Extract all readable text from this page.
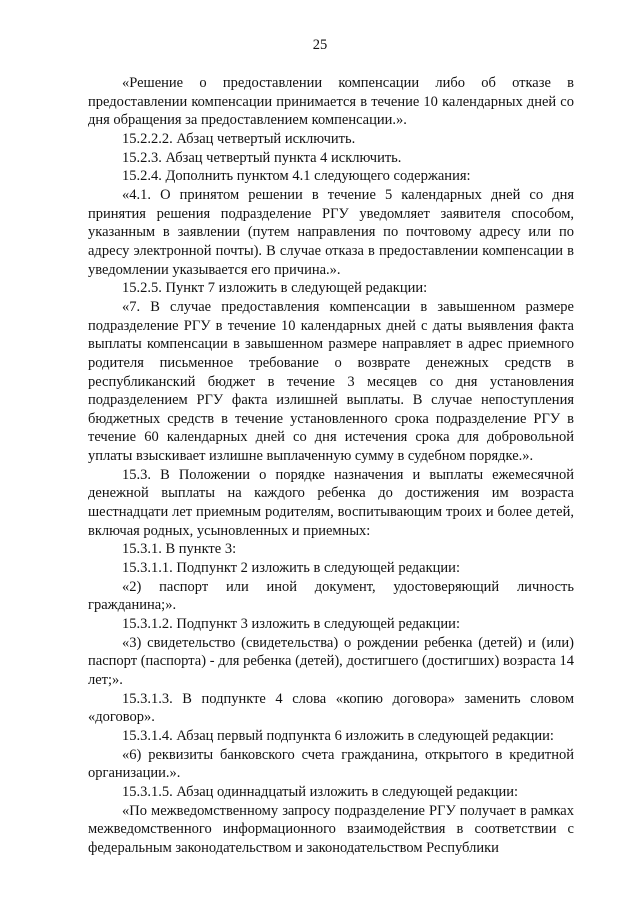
25

«Решение о предоставлении компенсации либо об отказе в предоставлении компенсации принимается в течение 10 календарных дней со дня обращения за предоставлением компенсации.».

15.2.2.2. Абзац четвертый исключить.

15.2.3. Абзац четвертый пункта 4 исключить.

15.2.4. Дополнить пунктом 4.1 следующего содержания:

«4.1. О принятом решении в течение 5 календарных дней со дня принятия решения подразделение РГУ уведомляет заявителя способом, указанным в заявлении (путем направления по почтовому адресу или по адресу электронной почты). В случае отказа в предоставлении компенсации в уведомлении указывается его причина.».

15.2.5. Пункт 7 изложить в следующей редакции:

«7. В случае предоставления компенсации в завышенном размере подразделение РГУ в течение 10 календарных дней с даты выявления факта выплаты компенсации в завышенном размере направляет в адрес приемного родителя письменное требование о возврате денежных средств в республиканский бюджет в течение 3 месяцев со дня установления подразделением РГУ факта излишней выплаты. В случае непоступления бюджетных средств в течение установленного срока подразделение РГУ в течение 60 календарных дней со дня истечения срока для добровольной уплаты взыскивает излишне выплаченную сумму в судебном порядке.».

15.3. В Положении о порядке назначения и выплаты ежемесячной денежной выплаты на каждого ребенка до достижения им возраста шестнадцати лет приемным родителям, воспитывающим троих и более детей, включая родных, усыновленных и приемных:

15.3.1. В пункте 3:

15.3.1.1. Подпункт 2 изложить в следующей редакции:

«2) паспорт или иной документ, удостоверяющий личность гражданина;».

15.3.1.2. Подпункт 3 изложить в следующей редакции:

«3) свидетельство (свидетельства) о рождении ребенка (детей) и (или) паспорт (паспорта) - для ребенка (детей), достигшего (достигших) возраста 14 лет;».

15.3.1.3. В подпункте 4 слова «копию договора» заменить словом «договор».

15.3.1.4. Абзац первый подпункта 6 изложить в следующей редакции:

«6) реквизиты банковского счета гражданина, открытого в кредитной организации.».

15.3.1.5. Абзац одиннадцатый изложить в следующей редакции:

«По межведомственному запросу подразделение РГУ получает в рамках межведомственного информационного взаимодействия в соответствии с федеральным законодательством и законодательством Республики
